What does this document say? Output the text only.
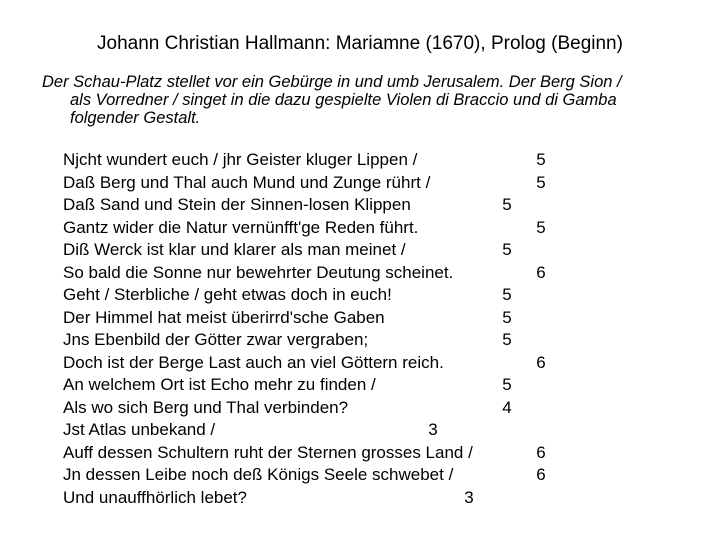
Johann Christian Hallmann: Mariamne (1670), Prolog (Beginn)
Der Schau-Platz stellet vor ein Gebürge in und umb Jerusalem. Der Berg Sion /
als Vorredner / singet in die dazu gespielte Violen di Braccio und di Gamba
folgender Gestalt.
Njcht wundert euch / jhr Geister kluger Lippen /	5
Daß Berg und Thal auch Mund und Zunge rührt /	5
Daß Sand und Stein der Sinnen-losen Klippen	5
Gantz wider die Natur vernünfft'ge Reden führt.	5
Diß Werck ist klar und klarer als man meinet /	5
So bald die Sonne nur bewehrter Deutung scheinet.	6
Geht / Sterbliche / geht etwas doch in euch!	5
Der Himmel hat meist überirrd'sche Gaben	5
Jns Ebenbild der Götter zwar vergraben;	5
Doch ist der Berge Last auch an viel Göttern reich.	6
An welchem Ort ist Echo mehr zu finden /	5
Als wo sich Berg und Thal verbinden?	4
Jst Atlas unbekand /	3
Auff dessen Schultern ruht der Sternen grosses Land /	6
Jn dessen Leibe noch deß Königs Seele schwebet /	6
Und unauffhörlich lebet?	3
